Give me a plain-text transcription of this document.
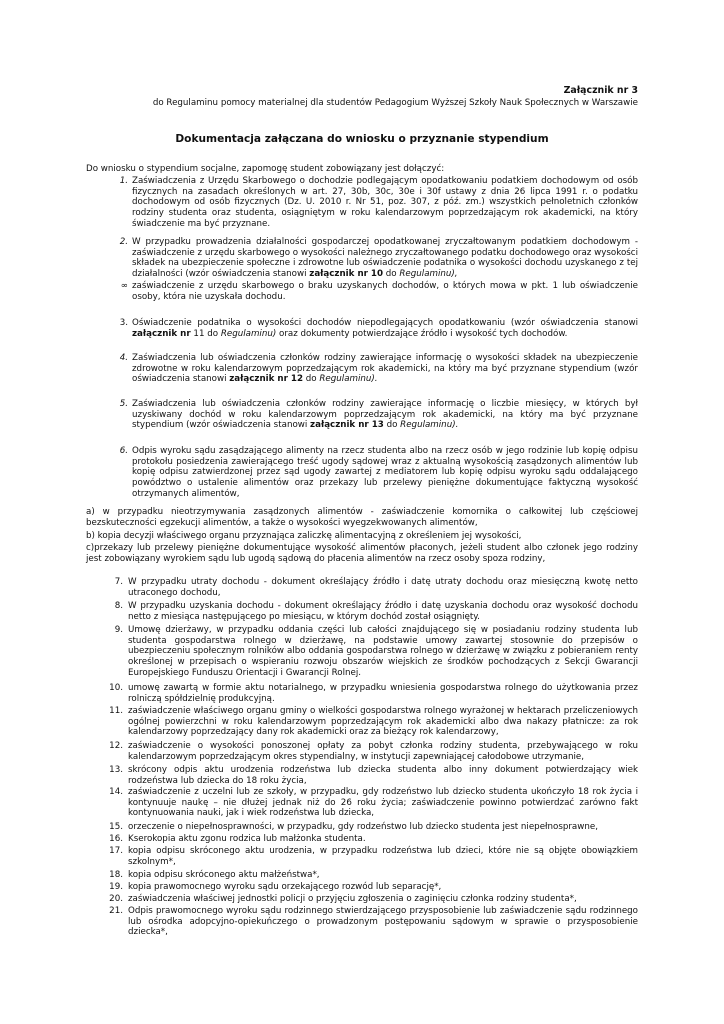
Załącznik nr 3
do Regulaminu pomocy materialnej dla studentów Pedagogium Wyższej Szkoły Nauk Społecznych w Warszawie
Dokumentacja załączana do wniosku o przyznanie stypendium
Do wniosku o stypendium socjalne, zapomogę student zobowiązany jest dołączyć:
1. Zaświadczenia z Urzędu Skarbowego o dochodzie podlegającym opodatkowaniu podatkiem dochodowym od osób fizycznych na zasadach określonych w art. 27, 30b, 30c, 30e i 30f ustawy z dnia 26 lipca 1991 r. o podatku dochodowym od osób fizycznych (Dz. U. 2010 r. Nr 51, poz. 307, z póź. zm.) wszystkich pełnoletnich członków rodziny studenta oraz studenta, osiągniętym w roku kalendarzowym poprzedzającym rok akademicki, na który świadczenie ma być przyznane.
2. W przypadku prowadzenia działalności gospodarczej opodatkowanej zryczałtowanym podatkiem dochodowym - zaświadczenie z urzędu skarbowego o wysokości należnego zryczałtowanego podatku dochodowego oraz wysokości składek na ubezpieczenie społeczne i zdrowotne lub oświadczenie podatnika o wysokości dochodu uzyskanego z tej działalności (wzór oświadczenia stanowi załącznik nr 10 do Regulaminu),
∞ zaświadczenie z urzędu skarbowego o braku uzyskanych dochodów, o których mowa w pkt. 1 lub oświadczenie osoby, która nie uzyskała dochodu.
3. Oświadczenie podatnika o wysokości dochodów niepodlegających opodatkowaniu (wzór oświadczenia stanowi załącznik nr 11 do Regulaminu) oraz dokumenty potwierdzające źródło i wysokość tych dochodów.
4. Zaświadczenia lub oświadczenia członków rodziny zawierające informację o wysokości składek na ubezpieczenie zdrowotne w roku kalendarzowym poprzedzającym rok akademicki, na który ma być przyznane stypendium (wzór oświadczenia stanowi załącznik nr 12 do Regulaminu).
5. Zaświadczenia lub oświadczenia członków rodziny zawierające informację o liczbie miesięcy, w których był uzyskiwany dochód w roku kalendarzowym poprzedzającym rok akademicki, na który ma być przyznane stypendium (wzór oświadczenia stanowi załącznik nr 13 do Regulaminu).
6. Odpis wyroku sądu zasądzającego alimenty na rzecz studenta albo na rzecz osób w jego rodzinie lub kopię odpisu protokołu posiedzenia zawierającego treść ugody sądowej wraz z aktualną wysokością zasądzonych alimentów lub kopię odpisu zatwierdzonej przez sąd ugody zawartej z mediatorem lub kopię odpisu wyroku sądu oddalającego powództwo o ustalenie alimentów oraz przekazy lub przelewy pieniężne dokumentujące faktyczną wysokość otrzymanych alimentów,
a) w przypadku nieotrzymywania zasądzonych alimentów - zaświadczenie komornika o całkowitej lub częściowej bezskuteczności egzekucji alimentów, a także o wysokości wyegzekwowanych alimentów,
b) kopia decyzji właściwego organu przyznająca zaliczkę alimentacyjną z określeniem jej wysokości,
c)przekazy lub przelewy pieniężne dokumentujące wysokość alimentów płaconych, jeżeli student albo członek jego rodziny jest zobowiązany wyrokiem sądu lub ugodą sądową do płacenia alimentów na rzecz osoby spoza rodziny,
7. W przypadku utraty dochodu - dokument określający źródło i datę utraty dochodu oraz miesięczną kwotę netto utraconego dochodu,
8. W przypadku uzyskania dochodu - dokument określający źródło i datę uzyskania dochodu oraz wysokość dochodu netto z miesiąca następującego po miesiącu, w którym dochód został osiągnięty.
9. Umowę dzierżawy, w przypadku oddania części lub całości znajdującego się w posiadaniu rodziny studenta lub studenta gospodarstwa rolnego w dzierżawę, na podstawie umowy zawartej stosownie do przepisów o ubezpieczeniu społecznym rolników albo oddania gospodarstwa rolnego w dzierżawę w związku z pobieraniem renty określonej w przepisach o wspieraniu rozwoju obszarów wiejskich ze środków pochodzących z Sekcji Gwarancji Europejskiego Funduszu Orientacji i Gwarancji Rolnej.
10. umowę zawartą w formie aktu notarialnego, w przypadku wniesienia gospodarstwa rolnego do użytkowania przez rolniczą spółdzielnię produkcyjną.
11. zaświadczenie właściwego organu gminy o wielkości gospodarstwa rolnego wyrażonej w hektarach przeliczeniowych ogólnej powierzchni w roku kalendarzowym poprzedzającym rok akademicki albo dwa nakazy płatnicze: za rok kalendarzowy poprzedzający dany rok akademicki oraz za bieżący rok kalendarzowy,
12. zaświadczenie o wysokości ponoszonej opłaty za pobyt członka rodziny studenta, przebywającego w roku kalendarzowym poprzedzającym okres stypendialny, w instytucji zapewniającej całodobowe utrzymanie,
13. skrócony odpis aktu urodzenia rodzeństwa lub dziecka studenta albo inny dokument potwierdzający wiek rodzeństwa lub dziecka do 18 roku życia,
14. zaświadczenie z uczelni lub ze szkoły, w przypadku, gdy rodzeństwo lub dziecko studenta ukończyło 18 rok życia i kontynuuje naukę – nie dłużej jednak niż do 26 roku życia; zaświadczenie powinno potwierdzać zarówno fakt kontynuowania nauki, jak i wiek rodzeństwa lub dziecka,
15. orzeczenie o niepełnosprawności, w przypadku, gdy rodzeństwo lub dziecko studenta jest niepełnosprawne,
16. Kserokopia aktu zgonu rodzica lub małżonka studenta.
17. kopia odpisu skróconego aktu urodzenia, w przypadku rodzeństwa lub dzieci, które nie są objęte obowiązkiem szkolnym*,
18. kopia odpisu skróconego aktu małżeństwa*,
19. kopia prawomocnego wyroku sądu orzekającego rozwód lub separację*,
20. zaświadczenia właściwej jednostki policji o przyjęciu zgłoszenia o zaginięciu członka rodziny studenta*,
21. Odpis prawomocnego wyroku sądu rodzinnego stwierdzającego przysposobienie lub zaświadczenie sądu rodzinnego lub ośrodka adopcyjno-opiekuńczego o prowadzonym postępowaniu sądowym w sprawie o przysposobienie dziecka*,
